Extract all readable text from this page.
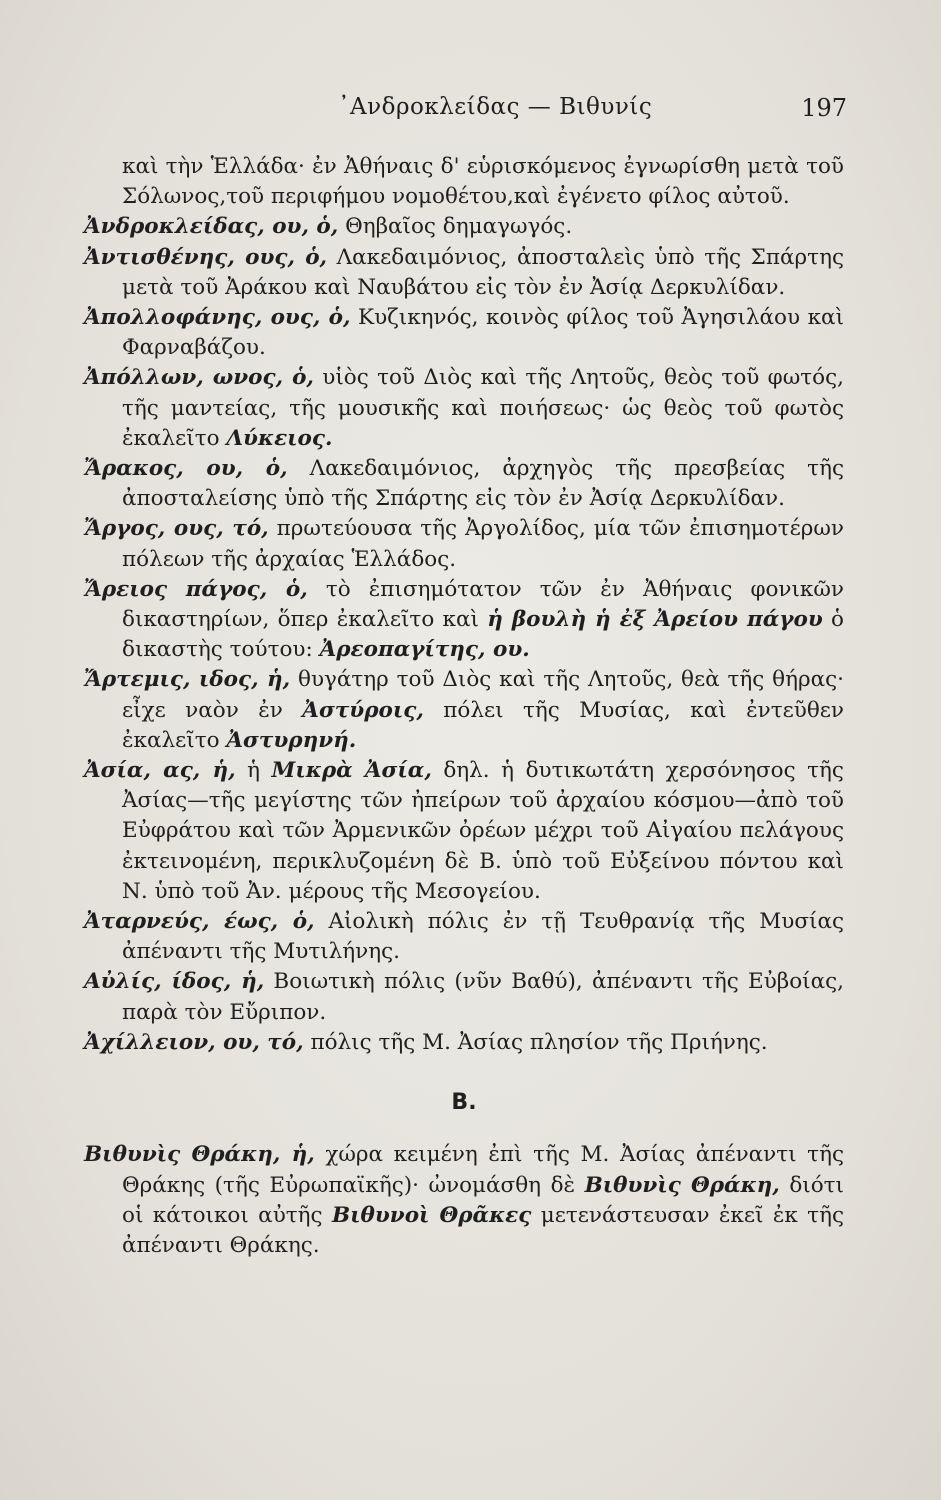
᾿Ανδροκλείδας — Βιθυνίς	197

καὶ τὴν Ἑλλάδα· ἐν Ἀθήναις δ' εὑρισκόμενος ἐγνωρίσθη μετὰ τοῦ Σόλωνος,τοῦ περιφήμου νομοθέτου,καὶ ἐγένετο φίλος αὐτοῦ.

Ἀνδροκλείδας, ου, ὁ, Θηβαῖος δημαγωγός.

Ἀντισθένης, ους, ὁ, Λακεδαιμόνιος, ἀποσταλεὶς ὑπὸ τῆς Σπάρτης μετὰ τοῦ Ἀράκου καὶ Ναυβάτου εἰς τὸν ἐν Ἀσίᾳ Δερκυλίδαν.

Ἀπολλοφάνης, ους, ὁ, Κυζικηνός, κοινὸς φίλος τοῦ Ἀγησιλάου καὶ Φαρναβάζου.

Ἀπόλλων, ωνος, ὁ, υἱὸς τοῦ Διὸς καὶ τῆς Λητοῦς, θεὸς τοῦ φωτός, τῆς μαντείας, τῆς μουσικῆς καὶ ποιήσεως· ὡς θεὸς τοῦ φωτὸς ἐκαλεῖτο Λύκειος.

Ἄρακος, ου, ὁ, Λακεδαιμόνιος, ἀρχηγὸς τῆς πρεσβείας τῆς ἀποσταλείσης ὑπὸ τῆς Σπάρτης εἰς τὸν ἐν Ἀσίᾳ Δερκυλίδαν.

Ἄργος, ους, τό, πρωτεύουσα τῆς Ἀργολίδος, μία τῶν ἐπισημοτέρων πόλεων τῆς ἀρχαίας Ἑλλάδος.

Ἄρειος πάγος, ὁ, τὸ ἐπισημότατον τῶν ἐν Ἀθήναις φονικῶν δικαστηρίων, ὅπερ ἐκαλεῖτο καὶ ἡ βουλὴ ἡ ἐξ Ἀρείου πάγου ὁ δικαστὴς τούτου: Ἀρεοπαγίτης, ου.

Ἄρτεμις, ιδος, ἡ, θυγάτηρ τοῦ Διὸς καὶ τῆς Λητοῦς, θεὰ τῆς θήρας· εἶχε ναὸν ἐν Ἀστύροις, πόλει τῆς Μυσίας, καὶ ἐντεῦθεν ἐκαλεῖτο Ἀστυρηνή.

Ἀσία, ας, ἡ, ἡ Μικρὰ Ἀσία, δηλ. ἡ δυτικωτάτη χερσόνησος τῆς Ἀσίας—τῆς μεγίστης τῶν ἠπείρων τοῦ ἀρχαίου κόσμου—ἀπὸ τοῦ Εὐφράτου καὶ τῶν Ἀρμενικῶν ὀρέων μέχρι τοῦ Αἰγαίου πελάγους ἐκτεινομένη, περικλυζομένη δὲ Β. ὑπὸ τοῦ Εὐξείνου πόντου καὶ Ν. ὑπὸ τοῦ Ἀν. μέρους τῆς Μεσογείου.

Ἀταρνεύς, έως, ὁ, Αἰολικὴ πόλις ἐν τῇ Τευθρανίᾳ τῆς Μυσίας ἀπέναντι τῆς Μυτιλήνης.

Αὐλίς, ίδος, ἡ, Βοιωτικὴ πόλις (νῦν Βαθύ), ἀπέναντι τῆς Εὐβοίας, παρὰ τὸν Εὔριπον.

Ἀχίλλειον, ου, τό, πόλις τῆς Μ. Ἀσίας πλησίον τῆς Πριήνης.

B.

Βιθυνὶς Θράκη, ἡ, χώρα κειμένη ἐπὶ τῆς Μ. Ἀσίας ἀπέναντι τῆς Θράκης (τῆς Εὐρωπαϊκῆς)· ὠνομάσθη δὲ Βιθυνὶς Θράκη, διότι οἱ κάτοικοι αὐτῆς Βιθυνοὶ Θρᾶκες μετενάστευσαν ἐκεῖ ἐκ τῆς ἀπέναντι Θράκης.
